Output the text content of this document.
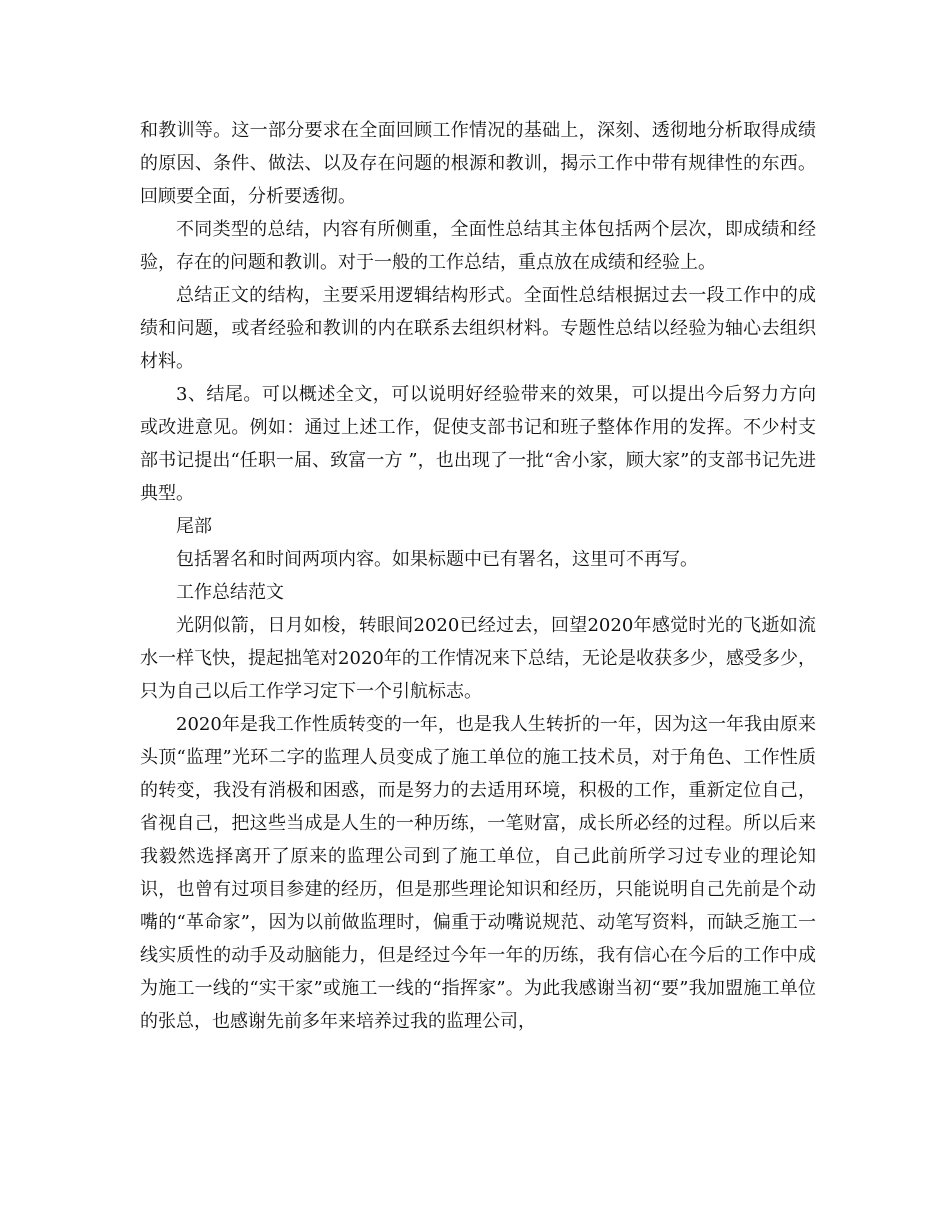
和教训等。这一部分要求在全面回顾工作情况的基础上，深刻、透彻地分析取得成绩的原因、条件、做法、以及存在问题的根源和教训，揭示工作中带有规律性的东西。回顾要全面，分析要透彻。

不同类型的总结，内容有所侧重，全面性总结其主体包括两个层次，即成绩和经验，存在的问题和教训。对于一般的工作总结，重点放在成绩和经验上。

总结正文的结构，主要采用逻辑结构形式。全面性总结根据过去一段工作中的成绩和问题，或者经验和教训的内在联系去组织材料。专题性总结以经验为轴心去组织材料。

3、结尾。可以概述全文，可以说明好经验带来的效果，可以提出今后努力方向或改进意见。例如：通过上述工作，促使支部书记和班子整体作用的发挥。不少村支部书记提出“任职一届、致富一方 ”，也出现了一批“舍小家，顾大家”的支部书记先进典型。

尾部

包括署名和时间两项内容。如果标题中已有署名，这里可不再写。

工作总结范文

光阴似箭，日月如梭，转眼间2020已经过去，回望2020年感觉时光的飞逝如流水一样飞快，提起拙笔对2020年的工作情况来下总结，无论是收获多少，感受多少，只为自己以后工作学习定下一个引航标志。

2020年是我工作性质转变的一年，也是我人生转折的一年，因为这一年我由原来头顶“监理”光环二字的监理人员变成了施工单位的施工技术员，对于角色、工作性质的转变，我没有消极和困惑，而是努力的去适用环境，积极的工作，重新定位自己，省视自己，把这些当成是人生的一种历练，一笔财富，成长所必经的过程。所以后来我毅然选择离开了原来的监理公司到了施工单位，自己此前所学习过专业的理论知识，也曾有过项目参建的经历，但是那些理论知识和经历，只能说明自己先前是个动嘴的“革命家”，因为以前做监理时，偏重于动嘴说规范、动笔写资料，而缺乏施工一线实质性的动手及动脑能力，但是经过今年一年的历练，我有信心在今后的工作中成为施工一线的“实干家”或施工一线的“指挥家”。为此我感谢当初“要”我加盟施工单位的张总，也感谢先前多年来培养过我的监理公司，
